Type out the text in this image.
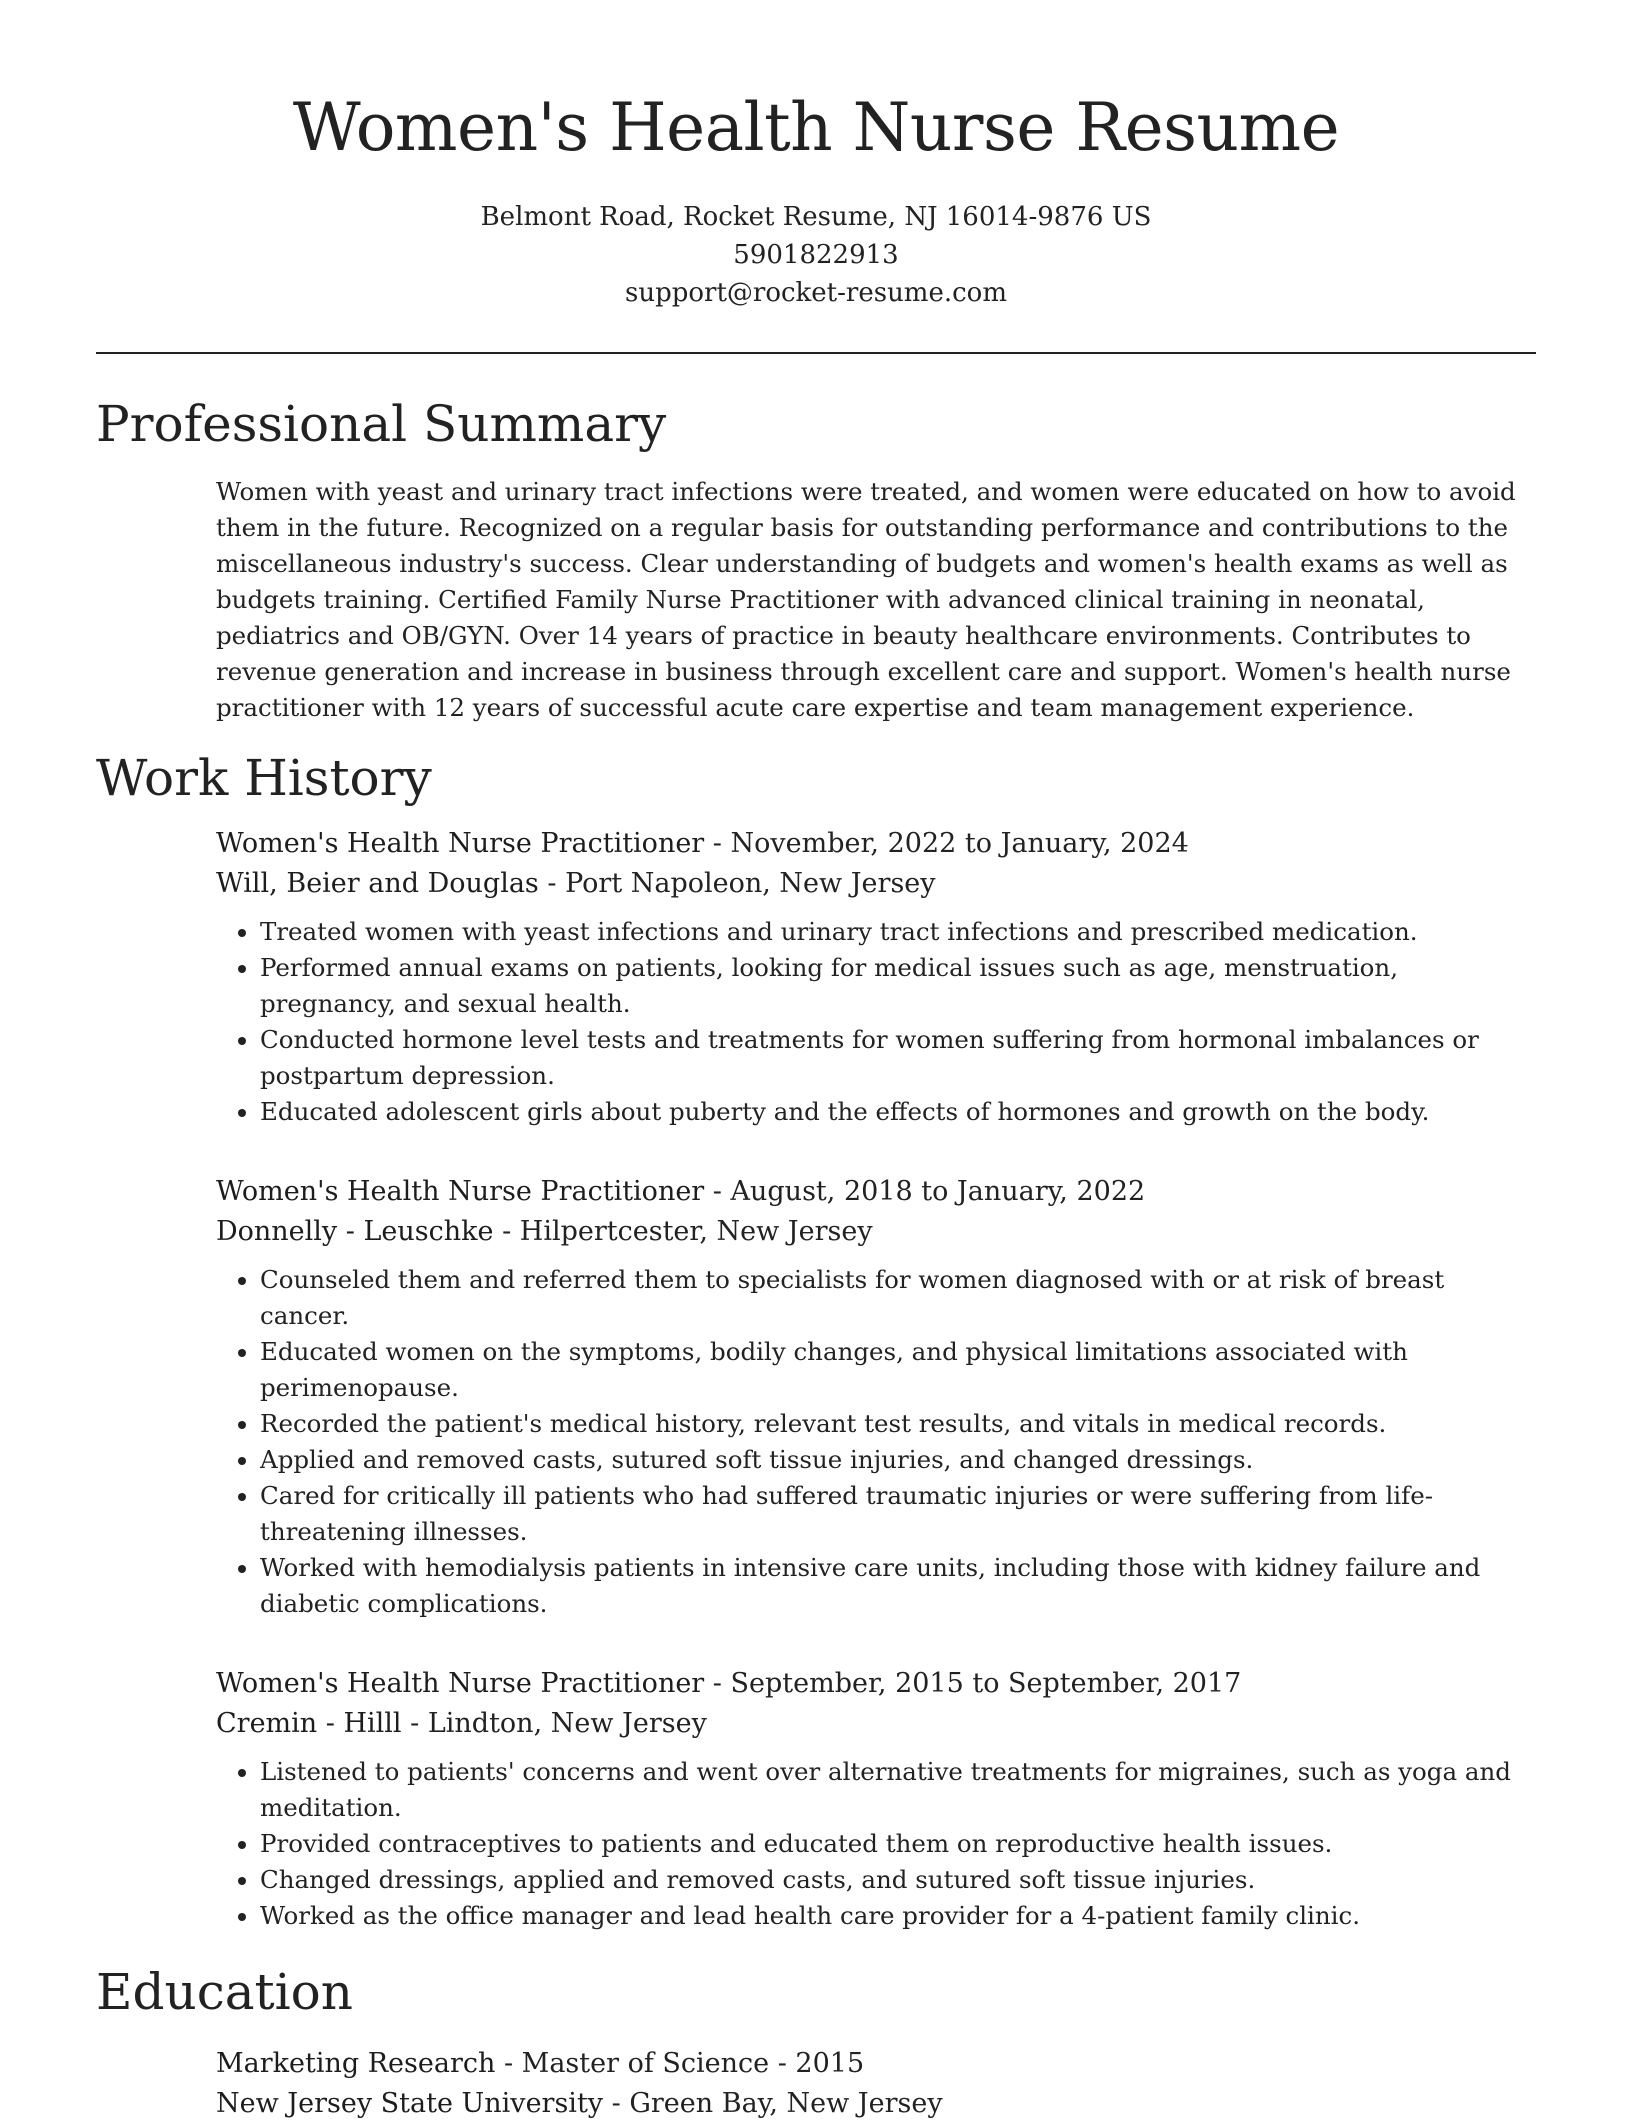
Women's Health Nurse Resume
Belmont Road, Rocket Resume, NJ 16014-9876 US
5901822913
support@rocket-resume.com
Professional Summary

Women with yeast and urinary tract infections were treated, and women were educated on how to avoid them in the future. Recognized on a regular basis for outstanding performance and contributions to the miscellaneous industry's success. Clear understanding of budgets and women's health exams as well as budgets training. Certified Family Nurse Practitioner with advanced clinical training in neonatal, pediatrics and OB/GYN. Over 14 years of practice in beauty healthcare environments. Contributes to revenue generation and increase in business through excellent care and support. Women's health nurse practitioner with 12 years of successful acute care expertise and team management experience.

Work History
Women's Health Nurse Practitioner - November, 2022 to January, 2024
Will, Beier and Douglas - Port Napoleon, New Jersey
• Treated women with yeast infections and urinary tract infections and prescribed medication.
• Performed annual exams on patients, looking for medical issues such as age, menstruation, pregnancy, and sexual health.
• Conducted hormone level tests and treatments for women suffering from hormonal imbalances or postpartum depression.
• Educated adolescent girls about puberty and the effects of hormones and growth on the body.
Women's Health Nurse Practitioner - August, 2018 to January, 2022
Donnelly - Leuschke - Hilpertcester, New Jersey
• Counseled them and referred them to specialists for women diagnosed with or at risk of breast cancer.
• Educated women on the symptoms, bodily changes, and physical limitations associated with perimenopause.
• Recorded the patient's medical history, relevant test results, and vitals in medical records.
• Applied and removed casts, sutured soft tissue injuries, and changed dressings.
• Cared for critically ill patients who had suffered traumatic injuries or were suffering from life-threatening illnesses.
• Worked with hemodialysis patients in intensive care units, including those with kidney failure and diabetic complications.
Women's Health Nurse Practitioner - September, 2015 to September, 2017
Cremin - Hilll - Lindton, New Jersey
• Listened to patients' concerns and went over alternative treatments for migraines, such as yoga and meditation.
• Provided contraceptives to patients and educated them on reproductive health issues.
• Changed dressings, applied and removed casts, and sutured soft tissue injuries.
• Worked as the office manager and lead health care provider for a 4-patient family clinic.
Education
Marketing Research - Master of Science - 2015
New Jersey State University - Green Bay, New Jersey
